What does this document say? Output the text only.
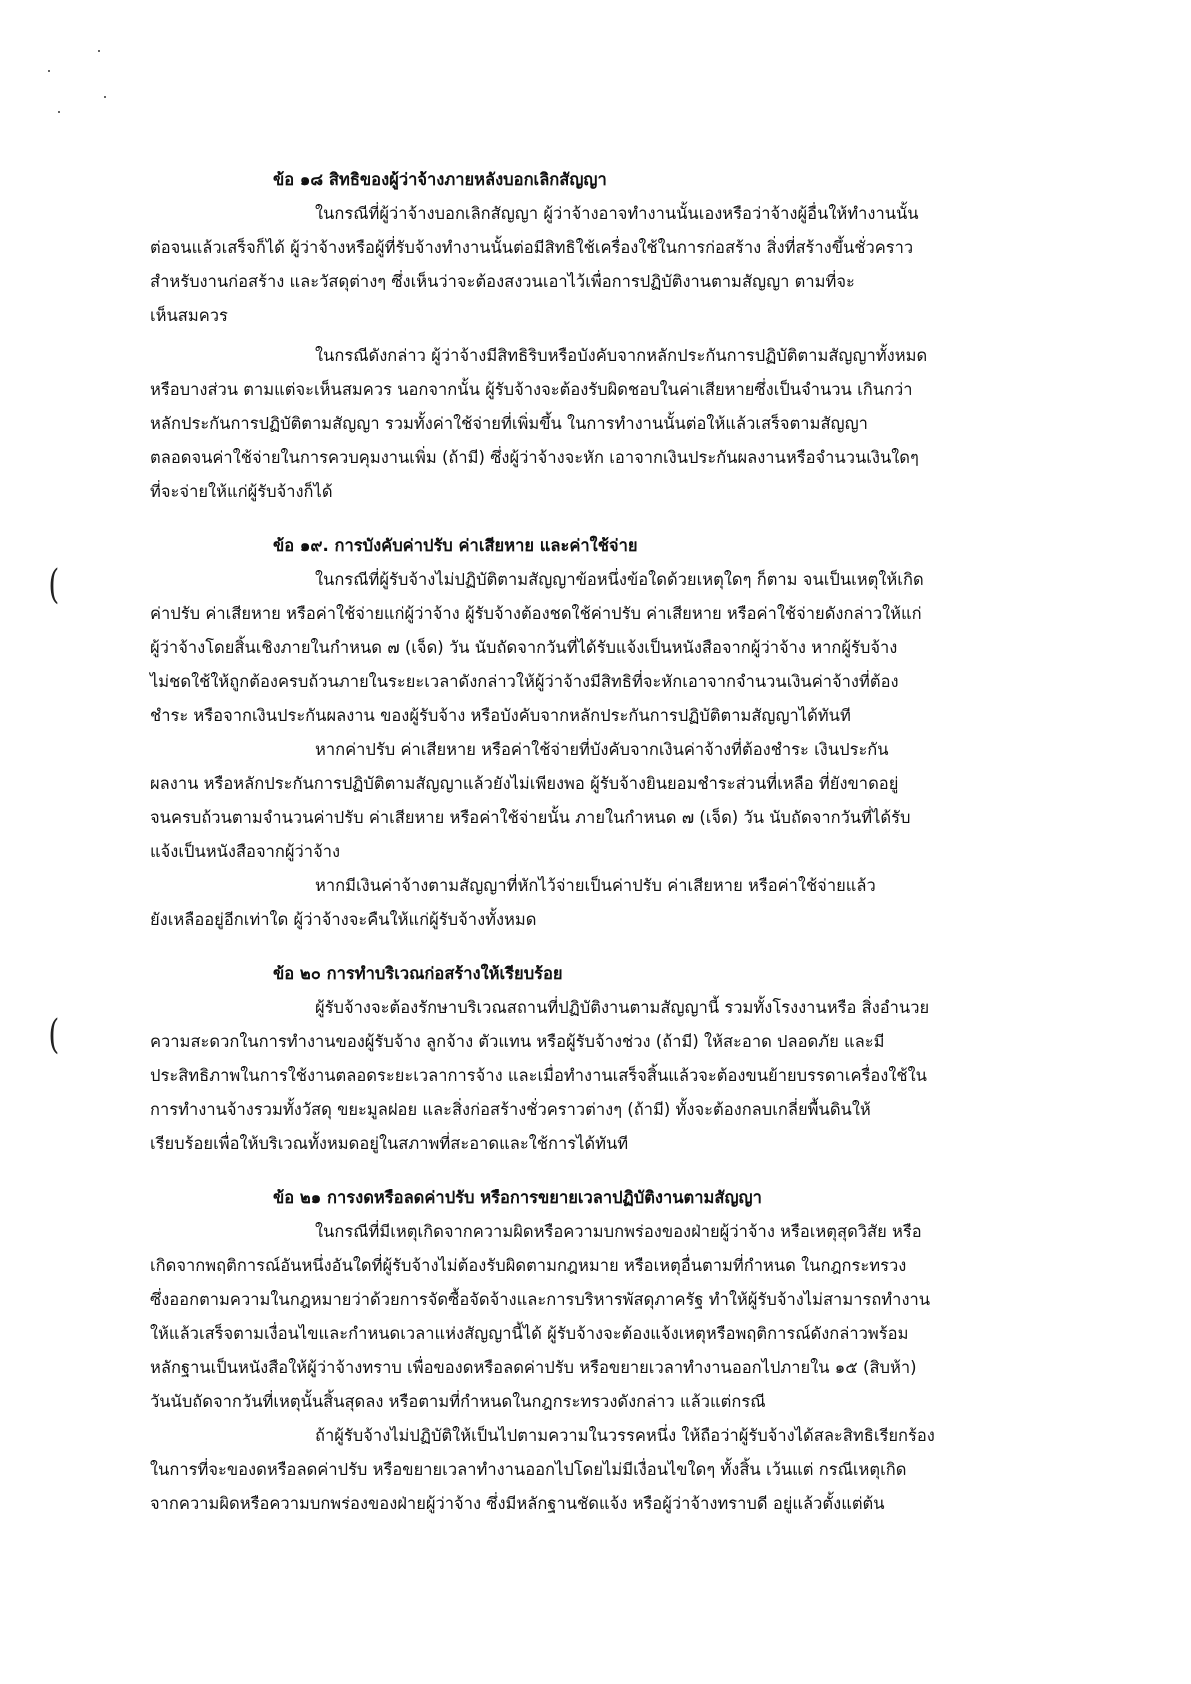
(
(

ข้อ ๑๘ สิทธิของผู้ว่าจ้างภายหลังบอกเลิกสัญญา

ในกรณีที่ผู้ว่าจ้างบอกเลิกสัญญา ผู้ว่าจ้างอาจทำงานนั้นเองหรือว่าจ้างผู้อื่นให้ทำงานนั้น
ต่อจนแล้วเสร็จก็ได้ ผู้ว่าจ้างหรือผู้ที่รับจ้างทำงานนั้นต่อมีสิทธิใช้เครื่องใช้ในการก่อสร้าง สิ่งที่สร้างขึ้นชั่วคราว
สำหรับงานก่อสร้าง และวัสดุต่างๆ ซึ่งเห็นว่าจะต้องสงวนเอาไว้เพื่อการปฏิบัติงานตามสัญญา ตามที่จะ
เห็นสมควร
ในกรณีดังกล่าว ผู้ว่าจ้างมีสิทธิริบหรือบังคับจากหลักประกันการปฏิบัติตามสัญญาทั้งหมด
หรือบางส่วน ตามแต่จะเห็นสมควร นอกจากนั้น ผู้รับจ้างจะต้องรับผิดชอบในค่าเสียหายซึ่งเป็นจำนวน เกินกว่า
หลักประกันการปฏิบัติตามสัญญา รวมทั้งค่าใช้จ่ายที่เพิ่มขึ้น ในการทำงานนั้นต่อให้แล้วเสร็จตามสัญญา
ตลอดจนค่าใช้จ่ายในการควบคุมงานเพิ่ม (ถ้ามี) ซึ่งผู้ว่าจ้างจะหัก เอาจากเงินประกันผลงานหรือจำนวนเงินใดๆ
ที่จะจ่ายให้แก่ผู้รับจ้างก็ได้

ข้อ ๑๙. การบังคับค่าปรับ ค่าเสียหาย และค่าใช้จ่าย

ในกรณีที่ผู้รับจ้างไม่ปฏิบัติตามสัญญาข้อหนึ่งข้อใดด้วยเหตุใดๆ ก็ตาม จนเป็นเหตุให้เกิด
ค่าปรับ ค่าเสียหาย หรือค่าใช้จ่ายแก่ผู้ว่าจ้าง ผู้รับจ้างต้องชดใช้ค่าปรับ ค่าเสียหาย หรือค่าใช้จ่ายดังกล่าวให้แก่
ผู้ว่าจ้างโดยสิ้นเชิงภายในกำหนด ๗ (เจ็ด) วัน นับถัดจากวันที่ได้รับแจ้งเป็นหนังสือจากผู้ว่าจ้าง หากผู้รับจ้าง
ไม่ชดใช้ให้ถูกต้องครบถ้วนภายในระยะเวลาดังกล่าวให้ผู้ว่าจ้างมีสิทธิที่จะหักเอาจากจำนวนเงินค่าจ้างที่ต้อง
ชำระ หรือจากเงินประกันผลงาน ของผู้รับจ้าง หรือบังคับจากหลักประกันการปฏิบัติตามสัญญาได้ทันที
หากค่าปรับ ค่าเสียหาย หรือค่าใช้จ่ายที่บังคับจากเงินค่าจ้างที่ต้องชำระ เงินประกัน
ผลงาน หรือหลักประกันการปฏิบัติตามสัญญาแล้วยังไม่เพียงพอ ผู้รับจ้างยินยอมชำระส่วนที่เหลือ ที่ยังขาดอยู่
จนครบถ้วนตามจำนวนค่าปรับ ค่าเสียหาย หรือค่าใช้จ่ายนั้น ภายในกำหนด ๗ (เจ็ด) วัน นับถัดจากวันที่ได้รับ
แจ้งเป็นหนังสือจากผู้ว่าจ้าง
หากมีเงินค่าจ้างตามสัญญาที่หักไว้จ่ายเป็นค่าปรับ ค่าเสียหาย หรือค่าใช้จ่ายแล้ว
ยังเหลืออยู่อีกเท่าใด ผู้ว่าจ้างจะคืนให้แก่ผู้รับจ้างทั้งหมด

ข้อ ๒๐ การทำบริเวณก่อสร้างให้เรียบร้อย

ผู้รับจ้างจะต้องรักษาบริเวณสถานที่ปฏิบัติงานตามสัญญานี้ รวมทั้งโรงงานหรือ สิ่งอำนวย
ความสะดวกในการทำงานของผู้รับจ้าง ลูกจ้าง ตัวแทน หรือผู้รับจ้างช่วง (ถ้ามี) ให้สะอาด ปลอดภัย และมี
ประสิทธิภาพในการใช้งานตลอดระยะเวลาการจ้าง และเมื่อทำงานเสร็จสิ้นแล้วจะต้องขนย้ายบรรดาเครื่องใช้ใน
การทำงานจ้างรวมทั้งวัสดุ ขยะมูลฝอย และสิ่งก่อสร้างชั่วคราวต่างๆ (ถ้ามี) ทั้งจะต้องกลบเกลี่ยพื้นดินให้
เรียบร้อยเพื่อให้บริเวณทั้งหมดอยู่ในสภาพที่สะอาดและใช้การได้ทันที

ข้อ ๒๑ การงดหรือลดค่าปรับ หรือการขยายเวลาปฏิบัติงานตามสัญญา

ในกรณีที่มีเหตุเกิดจากความผิดหรือความบกพร่องของฝ่ายผู้ว่าจ้าง หรือเหตุสุดวิสัย หรือ
เกิดจากพฤติการณ์อันหนึ่งอันใดที่ผู้รับจ้างไม่ต้องรับผิดตามกฎหมาย หรือเหตุอื่นตามที่กำหนด ในกฎกระทรวง
ซึ่งออกตามความในกฎหมายว่าด้วยการจัดซื้อจัดจ้างและการบริหารพัสดุภาครัฐ ทำให้ผู้รับจ้างไม่สามารถทำงาน
ให้แล้วเสร็จตามเงื่อนไขและกำหนดเวลาแห่งสัญญานี้ได้ ผู้รับจ้างจะต้องแจ้งเหตุหรือพฤติการณ์ดังกล่าวพร้อม
หลักฐานเป็นหนังสือให้ผู้ว่าจ้างทราบ เพื่อของดหรือลดค่าปรับ หรือขยายเวลาทำงานออกไปภายใน ๑๕ (สิบห้า)
วันนับถัดจากวันที่เหตุนั้นสิ้นสุดลง หรือตามที่กำหนดในกฎกระทรวงดังกล่าว แล้วแต่กรณี
ถ้าผู้รับจ้างไม่ปฏิบัติให้เป็นไปตามความในวรรคหนึ่ง ให้ถือว่าผู้รับจ้างได้สละสิทธิเรียกร้อง
ในการที่จะของดหรือลดค่าปรับ หรือขยายเวลาทำงานออกไปโดยไม่มีเงื่อนไขใดๆ ทั้งสิ้น เว้นแต่ กรณีเหตุเกิด
จากความผิดหรือความบกพร่องของฝ่ายผู้ว่าจ้าง ซึ่งมีหลักฐานชัดแจ้ง หรือผู้ว่าจ้างทราบดี อยู่แล้วตั้งแต่ต้น
